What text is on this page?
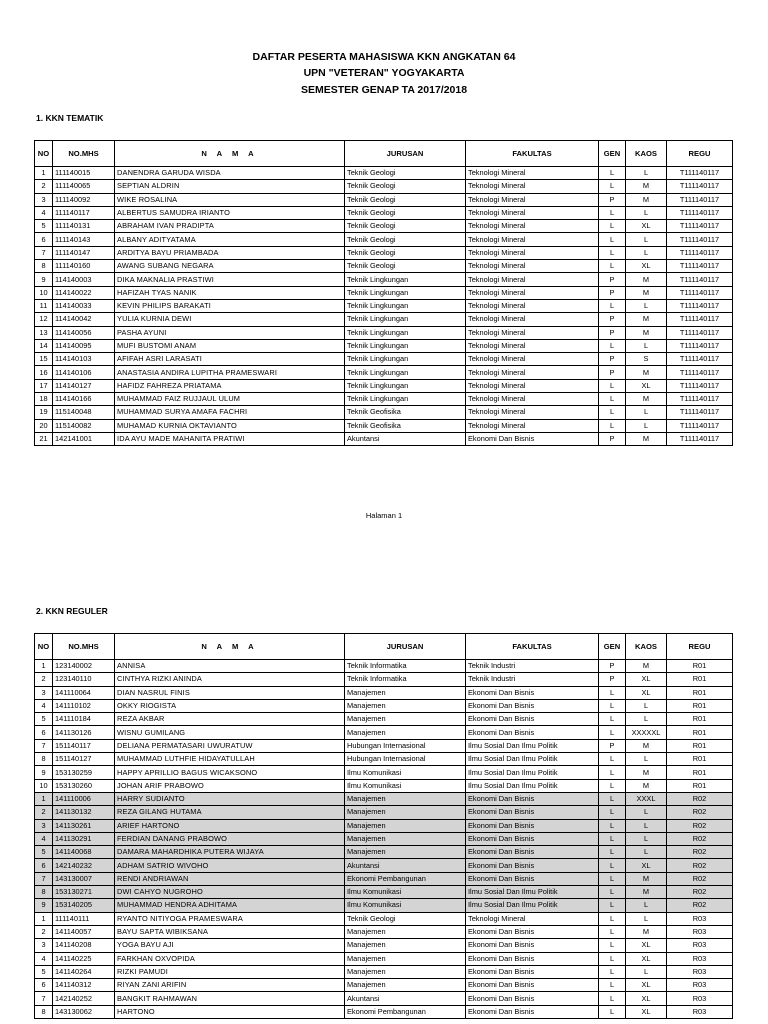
DAFTAR PESERTA MAHASISWA KKN ANGKATAN 64
UPN "VETERAN" YOGYAKARTA
SEMESTER GENAP TA 2017/2018
1. KKN TEMATIK
NO	NO.MHS	N A M A	JURUSAN	FAKULTAS	GEN	KAOS	REGU
1	111140015	DANENDRA GARUDA WISDA	Teknik Geologi	Teknologi Mineral	L	L	T111140117
2	111140065	SEPTIAN ALDRIN	Teknik Geologi	Teknologi Mineral	L	M	T111140117
3	111140092	WIKE ROSALINA	Teknik Geologi	Teknologi Mineral	P	M	T111140117
4	111140117	ALBERTUS SAMUDRA IRIANTO	Teknik Geologi	Teknologi Mineral	L	L	T111140117
5	111140131	ABRAHAM IVAN PRADIPTA	Teknik Geologi	Teknologi Mineral	L	XL	T111140117
6	111140143	ALBANY ADITYATAMA	Teknik Geologi	Teknologi Mineral	L	L	T111140117
7	111140147	ARDITYA BAYU PRIAMBADA	Teknik Geologi	Teknologi Mineral	L	L	T111140117
8	111140160	AWANG SUBANG NEGARA	Teknik Geologi	Teknologi Mineral	L	XL	T111140117
9	114140003	DIKA MAKNALIA PRASTIWI	Teknik Lingkungan	Teknologi Mineral	P	M	T111140117
10	114140022	HAFIZAH TYAS NANIK	Teknik Lingkungan	Teknologi Mineral	P	M	T111140117
11	114140033	KEVIN PHILIPS BARAKATI	Teknik Lingkungan	Teknologi Mineral	L	L	T111140117
12	114140042	YULIA KURNIA DEWI	Teknik Lingkungan	Teknologi Mineral	P	M	T111140117
13	114140056	PASHA AYUNI	Teknik Lingkungan	Teknologi Mineral	P	M	T111140117
14	114140095	MUFI BUSTOMI ANAM	Teknik Lingkungan	Teknologi Mineral	L	L	T111140117
15	114140103	AFIFAH ASRI LARASATI	Teknik Lingkungan	Teknologi Mineral	P	S	T111140117
16	114140106	ANASTASIA ANDIRA LUPITHA PRAMESWARI	Teknik Lingkungan	Teknologi Mineral	P	M	T111140117
17	114140127	HAFIDZ FAHREZA PRIATAMA	Teknik Lingkungan	Teknologi Mineral	L	XL	T111140117
18	114140166	MUHAMMAD FAIZ RUJJAUL ULUM	Teknik Lingkungan	Teknologi Mineral	L	M	T111140117
19	115140048	MUHAMMAD SURYA AMAFA FACHRI	Teknik Geofisika	Teknologi Mineral	L	L	T111140117
20	115140082	MUHAMAD KURNIA OKTAVIANTO	Teknik Geofisika	Teknologi Mineral	L	L	T111140117
21	142141001	IDA AYU MADE MAHANITA PRATIWI	Akuntansi	Ekonomi Dan Bisnis	P	M	T111140117
Halaman 1
2. KKN REGULER
NO	NO.MHS	N A M A	JURUSAN	FAKULTAS	GEN	KAOS	REGU
1	123140002	ANNISA	Teknik Informatika	Teknik Industri	P	M	R01
2	123140110	CINTHYA RIZKI ANINDA	Teknik Informatika	Teknik Industri	P	XL	R01
3	141110064	DIAN NASRUL FINIS	Manajemen	Ekonomi Dan Bisnis	L	XL	R01
4	141110102	OKKY RIOGISTA	Manajemen	Ekonomi Dan Bisnis	L	L	R01
5	141110184	REZA AKBAR	Manajemen	Ekonomi Dan Bisnis	L	L	R01
6	141130126	WISNU GUMILANG	Manajemen	Ekonomi Dan Bisnis	L	XXXXXL	R01
7	151140117	DELIANA PERMATASARI UWURATUW	Hubungan Internasional	Ilmu Sosial Dan Ilmu Politik	P	M	R01
8	151140127	MUHAMMAD LUTHFIE HIDAYATULLAH	Hubungan Internasional	Ilmu Sosial Dan Ilmu Politik	L	L	R01
9	153130259	HAPPY APRILLIO BAGUS WICAKSONO	Ilmu Komunikasi	Ilmu Sosial Dan Ilmu Politik	L	M	R01
10	153130260	JOHAN ARIF PRABOWO	Ilmu Komunikasi	Ilmu Sosial Dan Ilmu Politik	L	M	R01
1	141110006	HARRY SUDIANTO	Manajemen	Ekonomi Dan Bisnis	L	XXXL	R02
2	141130132	REZA GILANG HUTAMA	Manajemen	Ekonomi Dan Bisnis	L	L	R02
3	141130261	ARIEF HARTONO	Manajemen	Ekonomi Dan Bisnis	L	L	R02
4	141130291	FERDIAN DANANG PRABOWO	Manajemen	Ekonomi Dan Bisnis	L	L	R02
5	141140068	DAMARA MAHARDHIKA PUTERA WIJAYA	Manajemen	Ekonomi Dan Bisnis	L	L	R02
6	142140232	ADHAM SATRIO WIVOHO	Akuntansi	Ekonomi Dan Bisnis	L	XL	R02
7	143130007	RENDI ANDRIAWAN	Ekonomi Pembangunan	Ekonomi Dan Bisnis	L	M	R02
8	153130271	DWI CAHYO NUGROHO	Ilmu Komunikasi	Ilmu Sosial Dan Ilmu Politik	L	M	R02
9	153140205	MUHAMMAD HENDRA ADHITAMA	Ilmu Komunikasi	Ilmu Sosial Dan Ilmu Politik	L	L	R02
1	111140111	RYANTO NITIYOGA PRAMESWARA	Teknik Geologi	Teknologi Mineral	L	L	R03
2	141140057	BAYU SAPTA WIBIKSANA	Manajemen	Ekonomi Dan Bisnis	L	M	R03
3	141140208	YOGA BAYU AJI	Manajemen	Ekonomi Dan Bisnis	L	XL	R03
4	141140225	FARKHAN OXVOPIDA	Manajemen	Ekonomi Dan Bisnis	L	XL	R03
5	141140264	RIZKI PAMUDI	Manajemen	Ekonomi Dan Bisnis	L	L	R03
6	141140312	RIYAN ZANI ARIFIN	Manajemen	Ekonomi Dan Bisnis	L	XL	R03
7	142140252	BANGKIT RAHMAWAN	Akuntansi	Ekonomi Dan Bisnis	L	XL	R03
8	143130062	HARTONO	Ekonomi Pembangunan	Ekonomi Dan Bisnis	L	XL	R03
